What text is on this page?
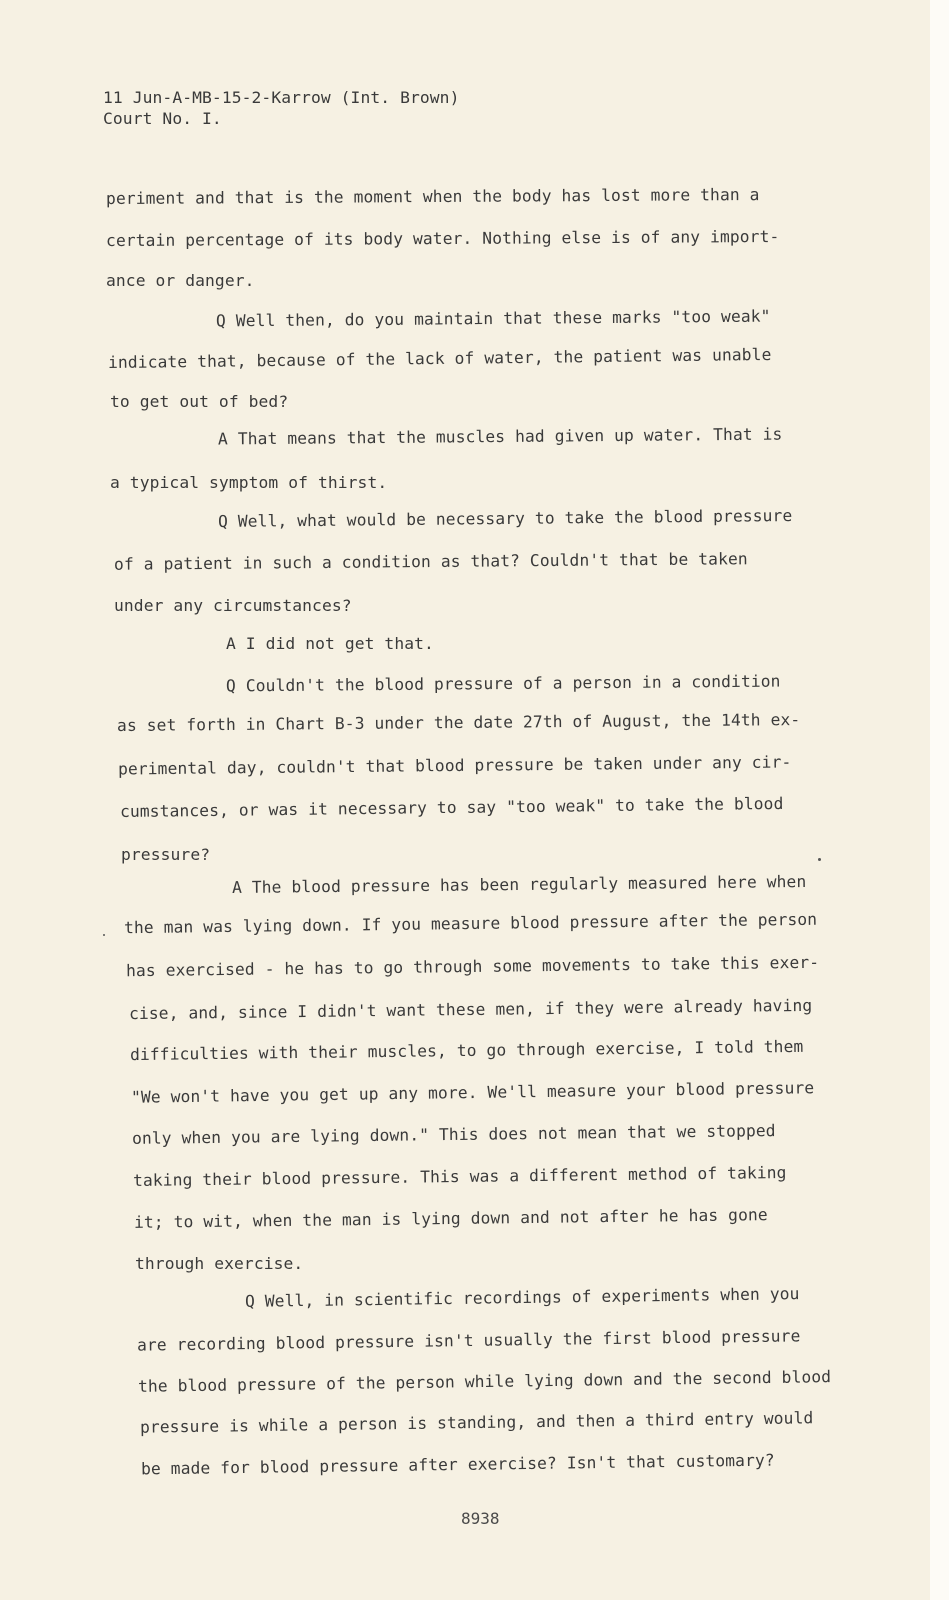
11 Jun-A-MB-15-2-Karrow (Int. Brown)
Court No. I.
periment and that is the moment when the body has lost more than a
certain percentage of its body water. Nothing else is of any import-
ance or danger.
Q Well then, do you maintain that these marks "too weak"
indicate that, because of the lack of water, the patient was unable
to get out of bed?
A That means that the muscles had given up water. That is
a typical symptom of thirst.
Q Well, what would be necessary to take the blood pressure
of a patient in such a condition as that? Couldn't that be taken
under any circumstances?
A I did not get that.
Q Couldn't the blood pressure of a person in a condition
as set forth in Chart B-3 under the date 27th of August, the 14th ex-
perimental day, couldn't that blood pressure be taken under any cir-
cumstances, or was it necessary to say "too weak" to take the blood
pressure?
A The blood pressure has been regularly measured here when
the man was lying down. If you measure blood pressure after the person
has exercised - he has to go through some movements to take this exer-
cise, and, since I didn't want these men, if they were already having
difficulties with their muscles, to go through exercise, I told them
"We won't have you get up any more. We'll measure your blood pressure
only when you are lying down." This does not mean that we stopped
taking their blood pressure. This was a different method of taking
it; to wit, when the man is lying down and not after he has gone
through exercise.
Q Well, in scientific recordings of experiments when you
are recording blood pressure isn't usually the first blood pressure
the blood pressure of the person while lying down and the second blood
pressure is while a person is standing, and then a third entry would
be made for blood pressure after exercise? Isn't that customary?
8938
